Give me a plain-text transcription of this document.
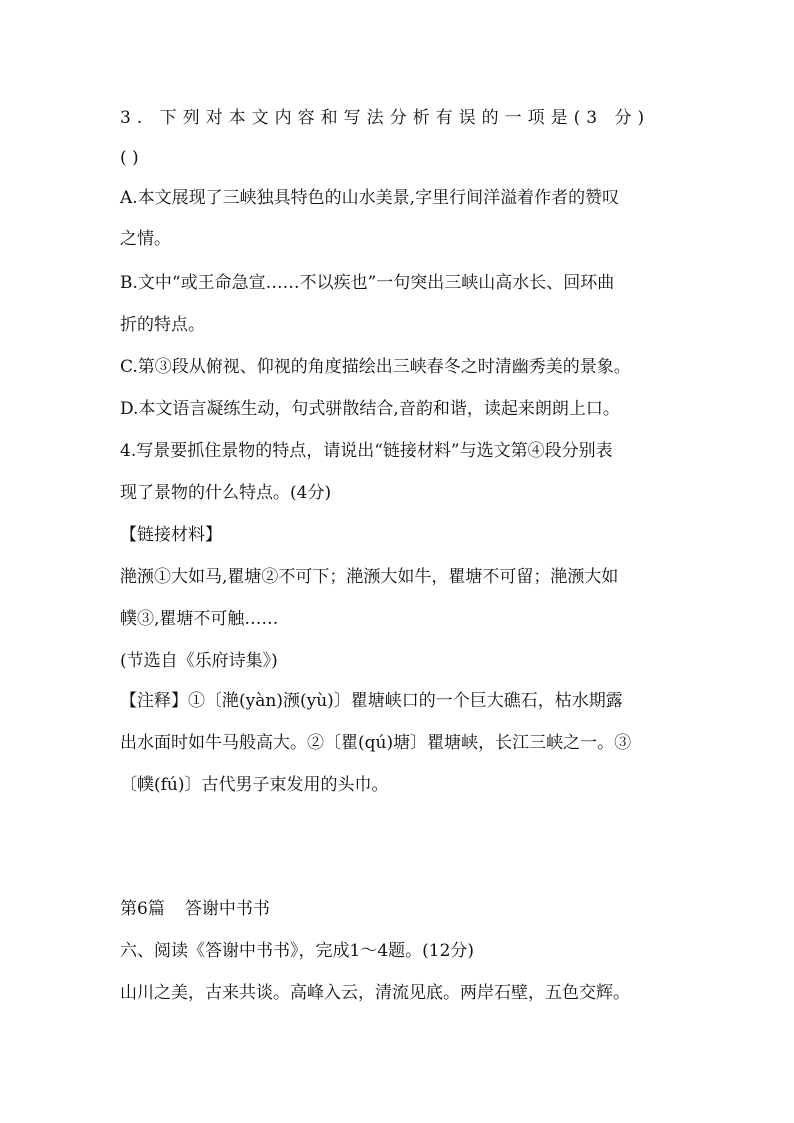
3. 下列对本文内容和写法分析有误的一项是(3 分)
( )
A.本文展现了三峡独具特色的山水美景,字里行间洋溢着作者的赞叹
之情。
B.文中“或王命急宣……不以疾也”一句突出三峡山高水长、回环曲
折的特点。
C.第③段从俯视、仰视的角度描绘出三峡春冬之时清幽秀美的景象。
D.本文语言凝练生动，句式骈散结合,音韵和谐，读起来朗朗上口。
4.写景要抓住景物的特点，请说出“链接材料”与选文第④段分别表
现了景物的什么特点。(4分)
【链接材料】
滟滪①大如马,瞿塘②不可下；滟滪大如牛，瞿塘不可留；滟滪大如
幞③,瞿塘不可触……
(节选自《乐府诗集》)
【注释】①〔滟(yàn)滪(yù)〕瞿塘峡口的一个巨大礁石，枯水期露
出水面时如牛马般高大。②〔瞿(qú)塘〕瞿塘峡，长江三峡之一。③
〔幞(fú)〕古代男子束发用的头巾。
第6篇 答谢中书书
六、阅读《答谢中书书》，完成1～4题。(12分)
山川之美，古来共谈。高峰入云，清流见底。两岸石壁，五色交辉。
